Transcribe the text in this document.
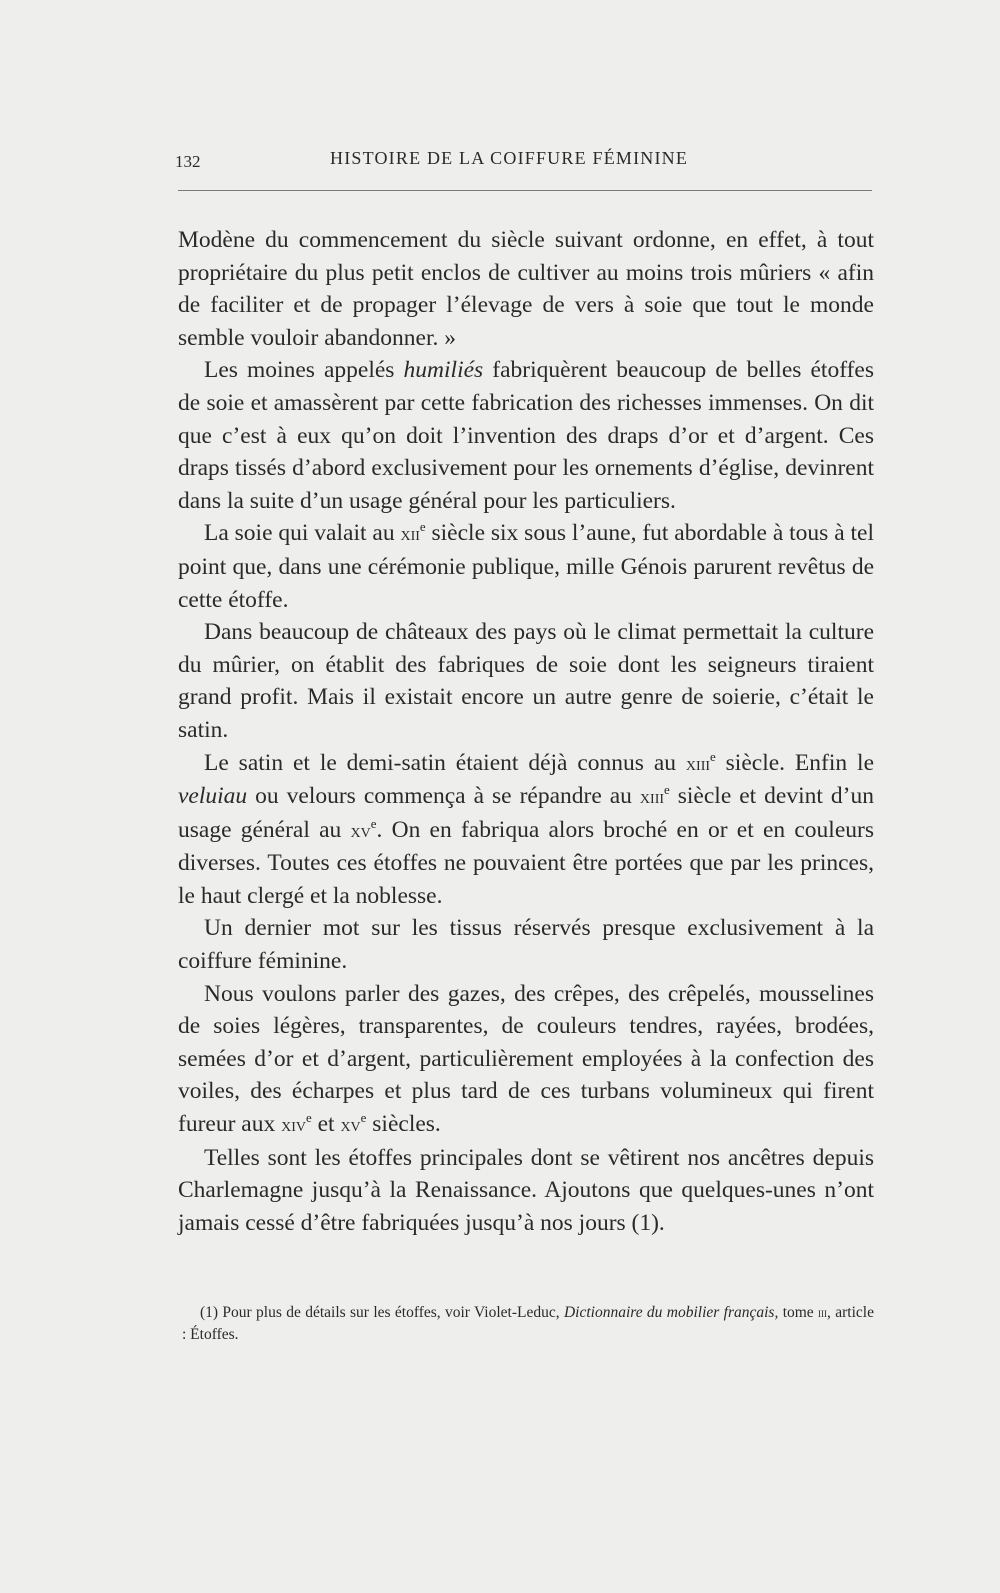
132	HISTOIRE DE LA COIFFURE FÉMININE

Modène du commencement du siècle suivant ordonne, en effet, à tout propriétaire du plus petit enclos de cultiver au moins trois mûriers « afin de faciliter et de propager l’élevage de vers à soie que tout le monde semble vouloir abandonner. »

Les moines appelés humiliés fabriquèrent beaucoup de belles étoffes de soie et amassèrent par cette fabrication des richesses immenses. On dit que c’est à eux qu’on doit l’invention des draps d’or et d’argent. Ces draps tissés d’abord exclusivement pour les ornements d’église, devinrent dans la suite d’un usage général pour les particuliers.

La soie qui valait au xii$^e$ siècle six sous l’aune, fut abordable à tous à tel point que, dans une cérémonie publique, mille Génois parurent revêtus de cette étoffe.

Dans beaucoup de châteaux des pays où le climat permettait la culture du mûrier, on établit des fabriques de soie dont les seigneurs tiraient grand profit. Mais il existait encore un autre genre de soierie, c’était le satin.

Le satin et le demi-satin étaient déjà connus au xiii$^e$ siècle. Enfin le veluiau ou velours commença à se répandre au xiii$^e$ siècle et devint d’un usage général au $xv^e$. On en fabriqua alors broché en or et en couleurs diverses. Toutes ces étoffes ne pouvaient être portées que par les princes, le haut clergé et la noblesse.

Un dernier mot sur les tissus réservés presque exclusivement à la coiffure féminine.

Nous voulons parler des gazes, des crêpes, des crêpelés, mousselines de soies légères, transparentes, de couleurs tendres, rayées, brodées, semées d’or et d’argent, particulièrement employées à la confection des voiles, des écharpes et plus tard de ces turbans volumineux qui firent fureur aux xiv$^e$ et $xv^e$ siècles.

Telles sont les étoffes principales dont se vêtirent nos ancêtres depuis Charlemagne jusqu’à la Renaissance. Ajoutons que quelques-unes n’ont jamais cessé d’être fabriquées jusqu’à nos jours (1).

(1) Pour plus de détails sur les étoffes, voir Violet-Leduc, Dictionnaire du mobilier français, tome iii, article : Étoffes.
